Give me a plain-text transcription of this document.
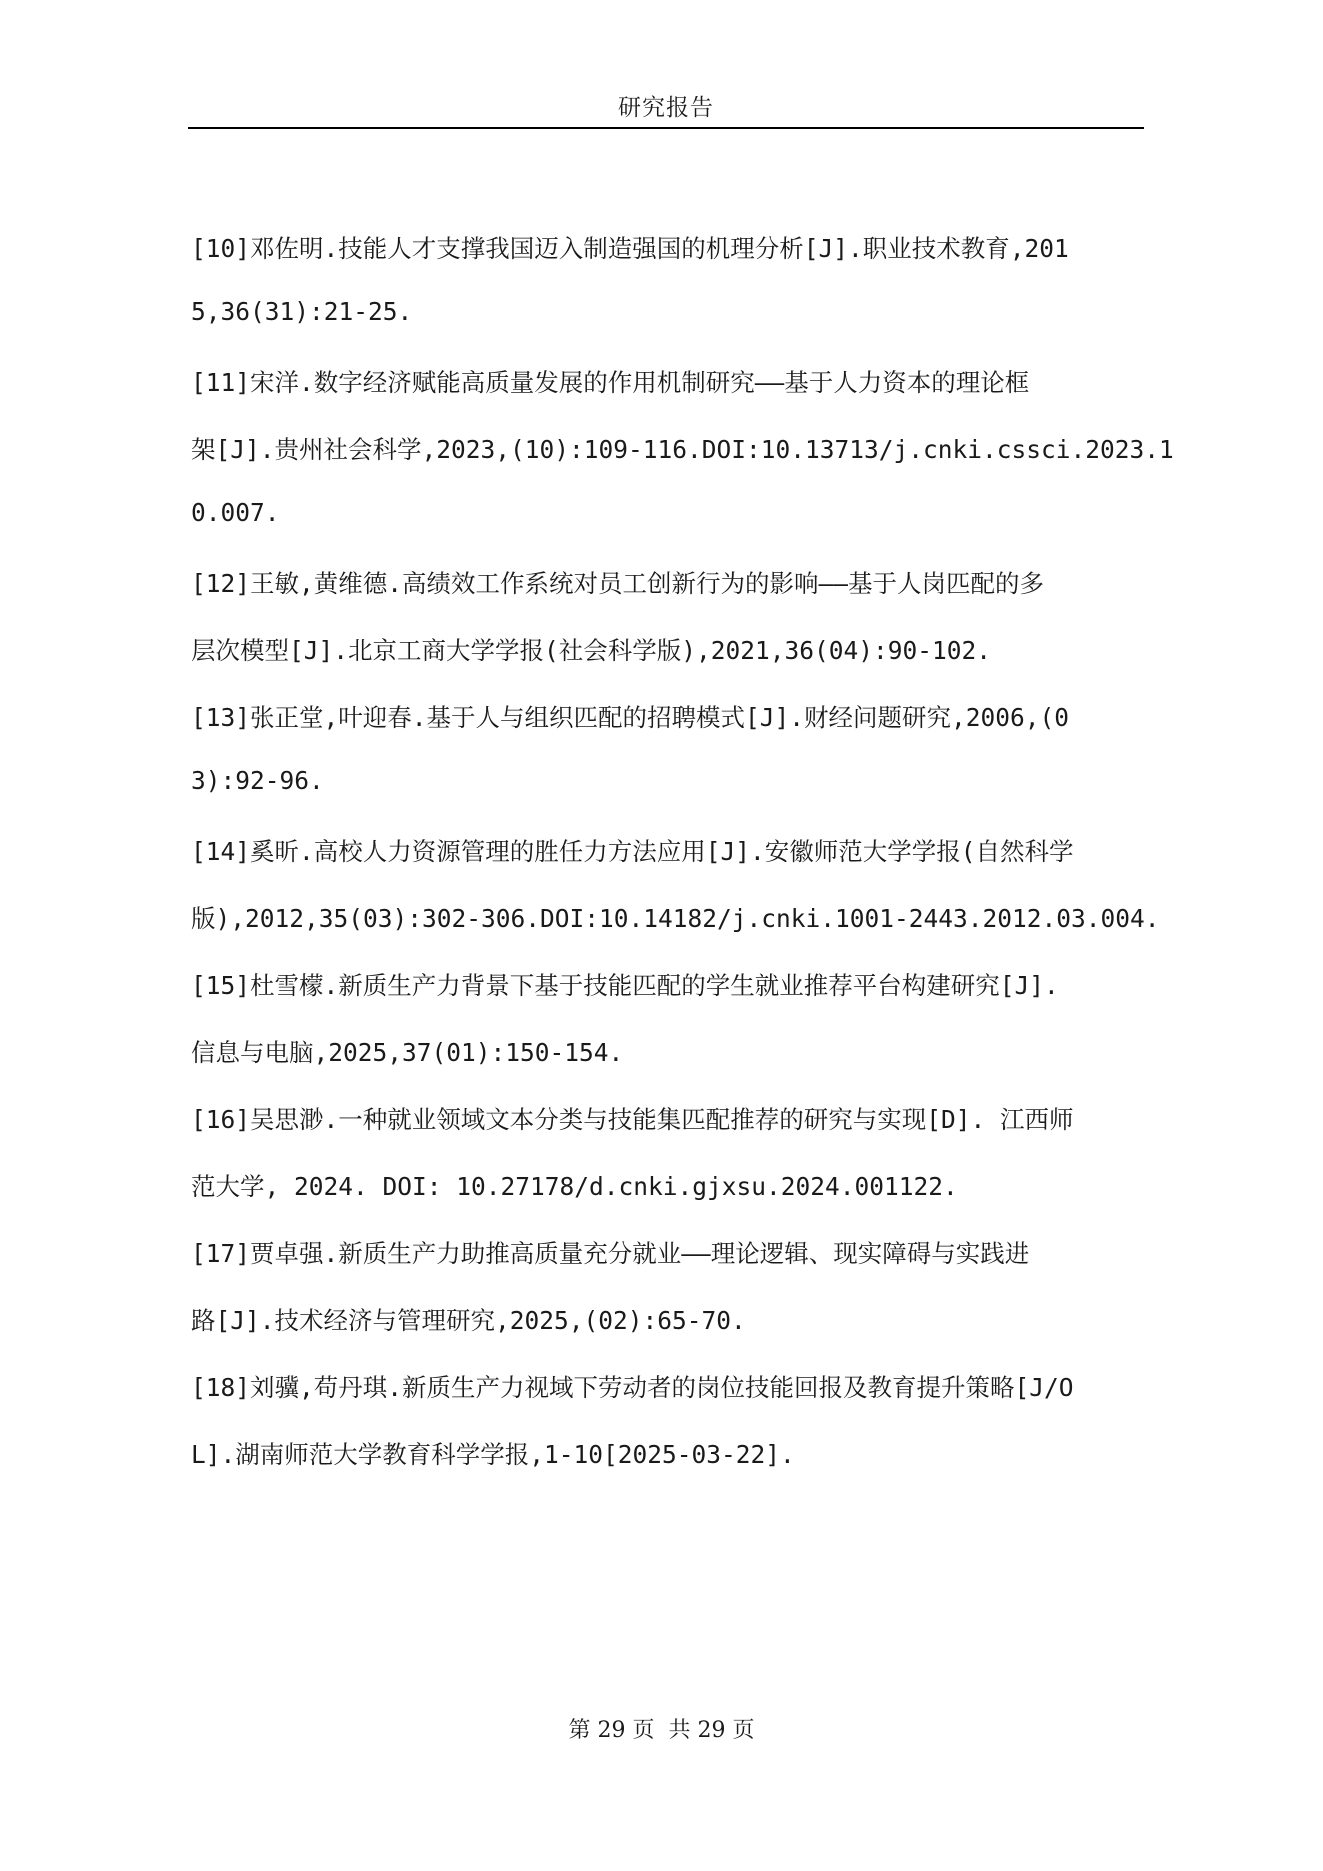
研究报告
[10]邓佐明.技能人才支撑我国迈入制造强国的机理分析[J].职业技术教育,201
5,36(31):21-25.
[11]宋洋.数字经济赋能高质量发展的作用机制研究——基于人力资本的理论框
架[J].贵州社会科学,2023,(10):109-116.DOI:10.13713/j.cnki.cssci.2023.1
0.007.
[12]王敏,黄维德.高绩效工作系统对员工创新行为的影响——基于人岗匹配的多
层次模型[J].北京工商大学学报(社会科学版),2021,36(04):90-102.
[13]张正堂,叶迎春.基于人与组织匹配的招聘模式[J].财经问题研究,2006,(0
3):92-96.
[14]奚昕.高校人力资源管理的胜任力方法应用[J].安徽师范大学学报(自然科学
版),2012,35(03):302-306.DOI:10.14182/j.cnki.1001-2443.2012.03.004.
[15]杜雪檬.新质生产力背景下基于技能匹配的学生就业推荐平台构建研究[J].
信息与电脑,2025,37(01):150-154.
[16]吴思渺.一种就业领域文本分类与技能集匹配推荐的研究与实现[D]. 江西师
范大学, 2024. DOI: 10.27178/d.cnki.gjxsu.2024.001122.
[17]贾卓强.新质生产力助推高质量充分就业——理论逻辑、现实障碍与实践进
路[J].技术经济与管理研究,2025,(02):65-70.
[18]刘骥,苟丹琪.新质生产力视域下劳动者的岗位技能回报及教育提升策略[J/O
L].湖南师范大学教育科学学报,1-10[2025-03-22].
第 29 页  共 29 页
